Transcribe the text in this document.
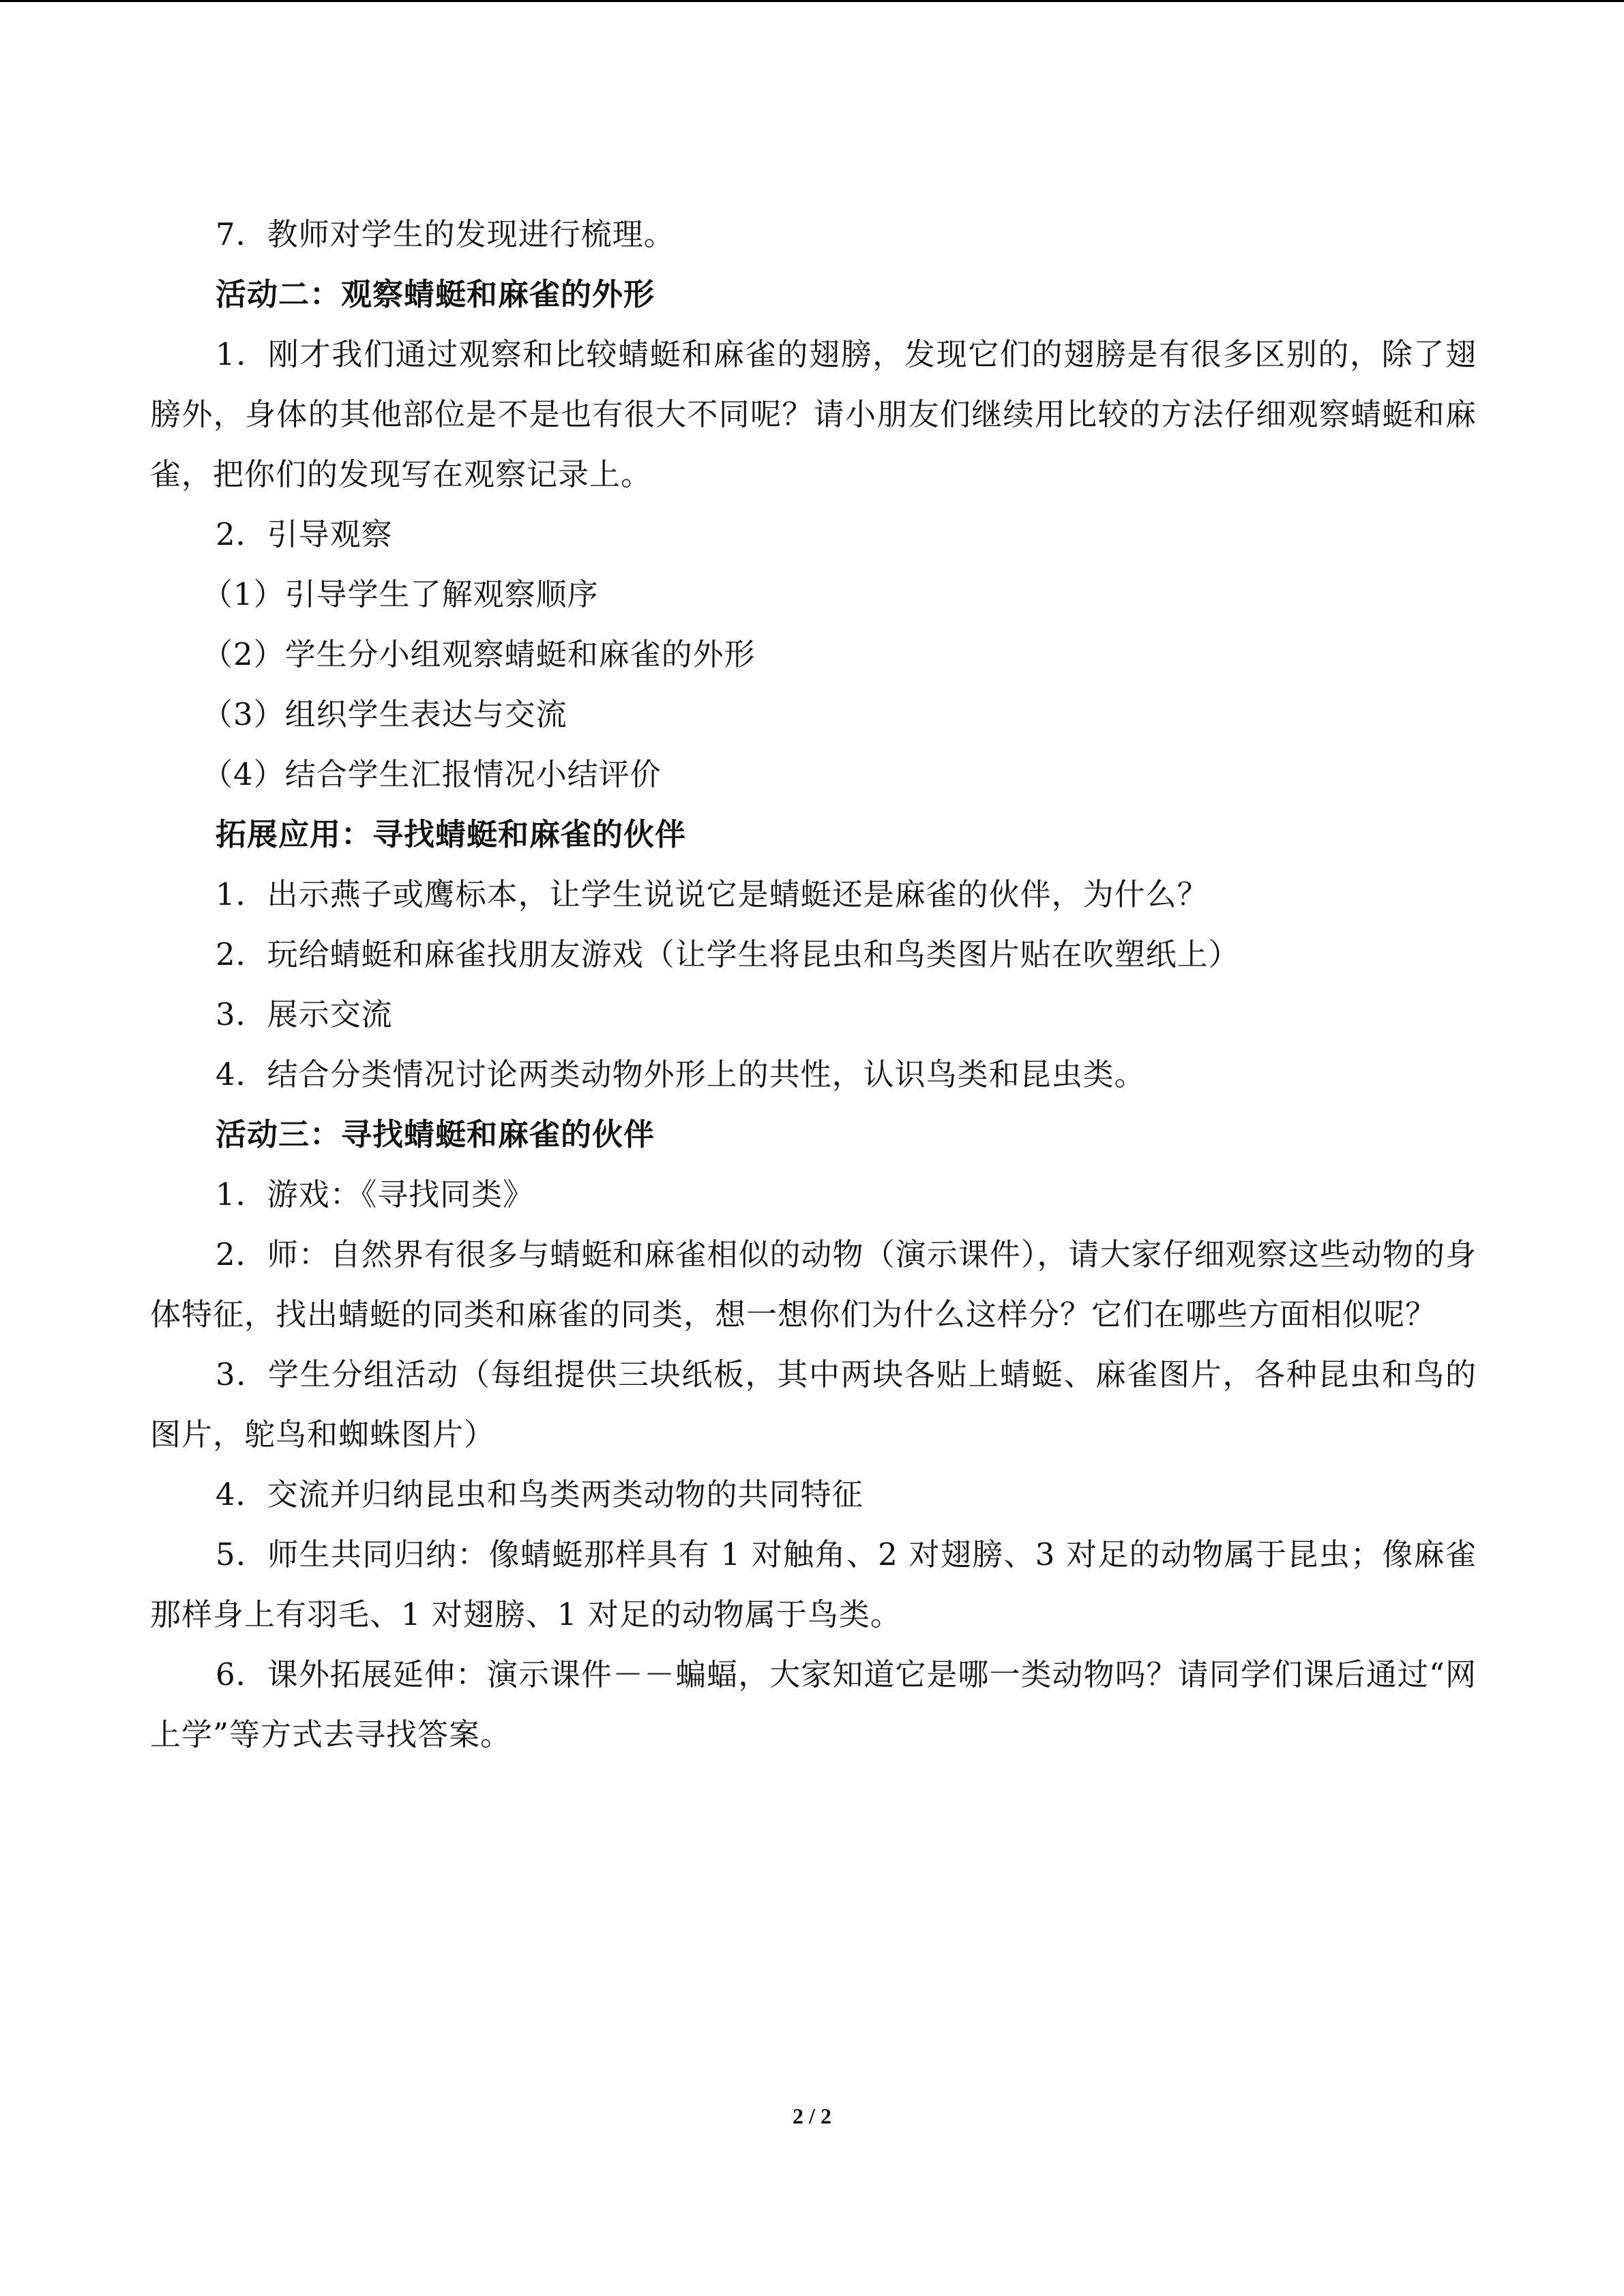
7．教师对学生的发现进行梳理。

活动二：观察蜻蜓和麻雀的外形

1．刚才我们通过观察和比较蜻蜓和麻雀的翅膀，发现它们的翅膀是有很多区别的，除了翅膀外，身体的其他部位是不是也有很大不同呢？请小朋友们继续用比较的方法仔细观察蜻蜓和麻雀，把你们的发现写在观察记录上。

2．引导观察

（1）引导学生了解观察顺序

（2）学生分小组观察蜻蜓和麻雀的外形

（3）组织学生表达与交流

（4）结合学生汇报情况小结评价

拓展应用：寻找蜻蜓和麻雀的伙伴

1．出示燕子或鹰标本，让学生说说它是蜻蜓还是麻雀的伙伴，为什么？

2．玩给蜻蜓和麻雀找朋友游戏（让学生将昆虫和鸟类图片贴在吹塑纸上）

3．展示交流

4．结合分类情况讨论两类动物外形上的共性，认识鸟类和昆虫类。

活动三：寻找蜻蜓和麻雀的伙伴

1．游戏：《寻找同类》

2．师：自然界有很多与蜻蜓和麻雀相似的动物（演示课件），请大家仔细观察这些动物的身体特征，找出蜻蜓的同类和麻雀的同类，想一想你们为什么这样分？它们在哪些方面相似呢？

3．学生分组活动（每组提供三块纸板，其中两块各贴上蜻蜓、麻雀图片，各种昆虫和鸟的图片，鸵鸟和蜘蛛图片）

4．交流并归纳昆虫和鸟类两类动物的共同特征

5．师生共同归纳：像蜻蜓那样具有 1 对触角、2 对翅膀、3 对足的动物属于昆虫；像麻雀那样身上有羽毛、1 对翅膀、1 对足的动物属于鸟类。

6．课外拓展延伸：演示课件－－蝙蝠，大家知道它是哪一类动物吗？请同学们课后通过“网上学”等方式去寻找答案。

2 / 2
